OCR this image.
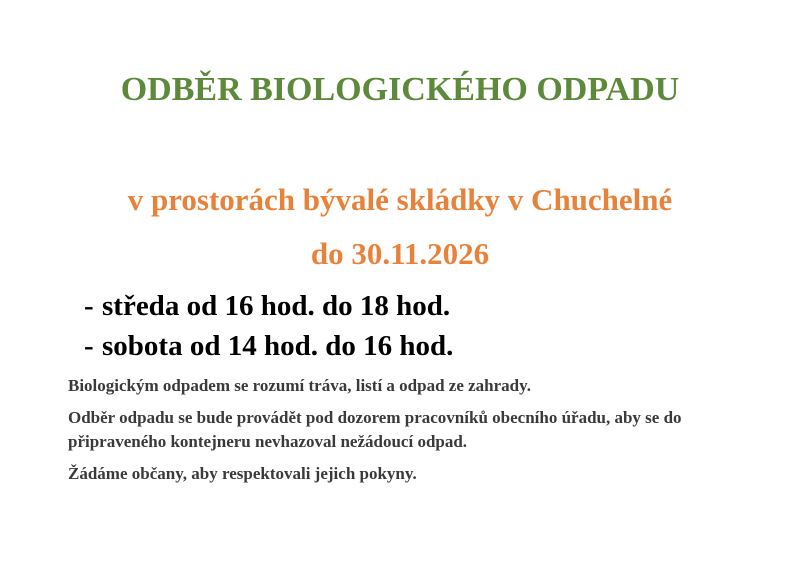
ODBĚR BIOLOGICKÉHO ODPADU
v prostorách bývalé skládky v Chuchelné
do 30.11.2026
- středa od 16 hod. do 18 hod.
- sobota od 14 hod. do 16 hod.

Biologickým odpadem se rozumí tráva, listí a odpad ze zahrady.

Odběr odpadu se bude provádět pod dozorem pracovníků obecního úřadu, aby se do připraveného kontejneru nevhazoval nežádoucí odpad.

Žádáme občany, aby respektovali jejich pokyny.
